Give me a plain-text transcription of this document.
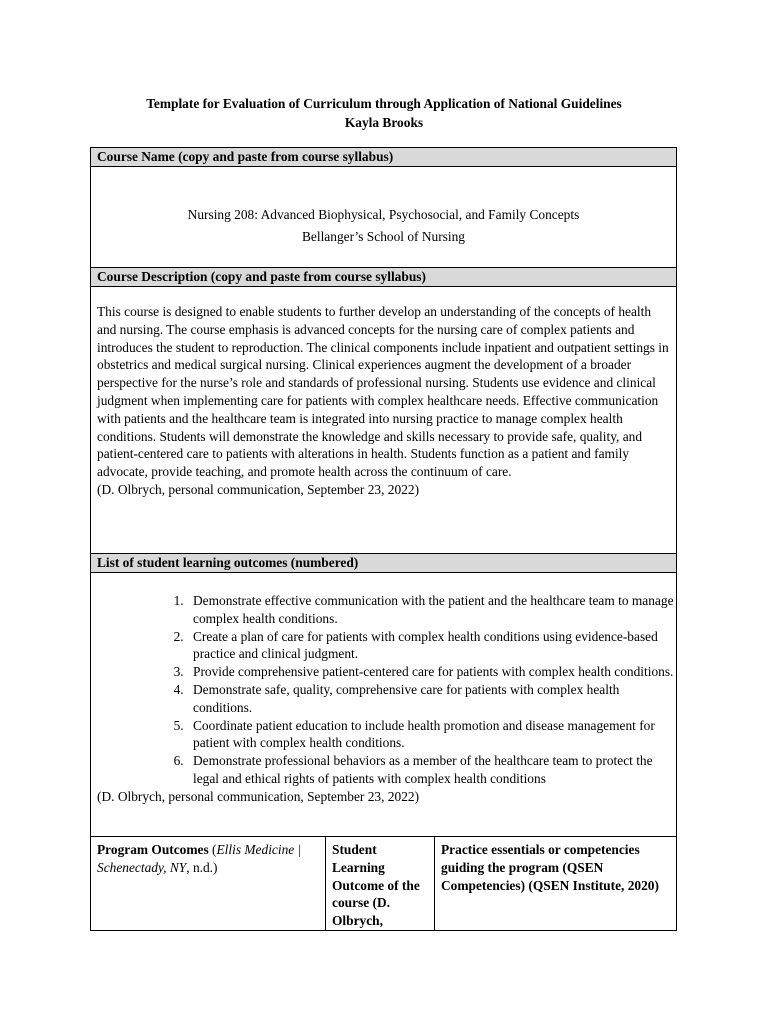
Template for Evaluation of Curriculum through Application of National Guidelines
Kayla Brooks
Course Name (copy and paste from course syllabus)
Nursing 208: Advanced Biophysical, Psychosocial, and Family Concepts
Bellanger’s School of Nursing
Course Description (copy and paste from course syllabus)
This course is designed to enable students to further develop an understanding of the concepts of health and nursing. The course emphasis is advanced concepts for the nursing care of complex patients and introduces the student to reproduction. The clinical components include inpatient and outpatient settings in obstetrics and medical surgical nursing. Clinical experiences augment the development of a broader perspective for the nurse’s role and standards of professional nursing. Students use evidence and clinical judgment when implementing care for patients with complex healthcare needs. Effective communication with patients and the healthcare team is integrated into nursing practice to manage complex health conditions. Students will demonstrate the knowledge and skills necessary to provide safe, quality, and patient-centered care to patients with alterations in health. Students function as a patient and family advocate, provide teaching, and promote health across the continuum of care.
(D. Olbrych, personal communication, September 23, 2022)
List of student learning outcomes (numbered)
1. Demonstrate effective communication with the patient and the healthcare team to manage complex health conditions.
2. Create a plan of care for patients with complex health conditions using evidence-based practice and clinical judgment.
3. Provide comprehensive patient-centered care for patients with complex health conditions.
4. Demonstrate safe, quality, comprehensive care for patients with complex health conditions.
5. Coordinate patient education to include health promotion and disease management for patient with complex health conditions.
6. Demonstrate professional behaviors as a member of the healthcare team to protect the legal and ethical rights of patients with complex health conditions
(D. Olbrych, personal communication, September 23, 2022)
Program Outcomes (Ellis Medicine | Schenectady, NY, n.d.)	Student Learning Outcome of the course (D. Olbrych,	Practice essentials or competencies guiding the program (QSEN Competencies) (QSEN Institute, 2020)
